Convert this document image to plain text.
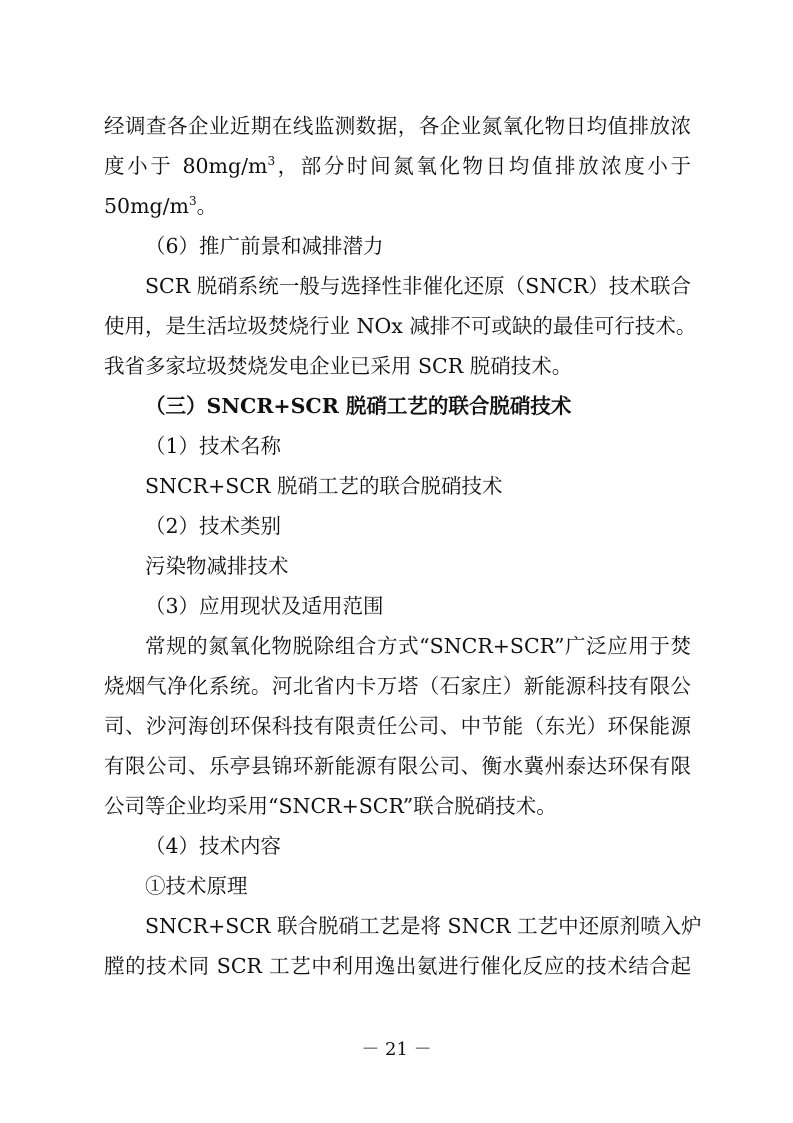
经调查各企业近期在线监测数据，各企业氮氧化物日均值排放浓
度小于 $80mg/m^3$，部分时间氮氧化物日均值排放浓度小于
$50mg/m^3$。
（6）推广前景和减排潜力
SCR 脱硝系统一般与选择性非催化还原（SNCR）技术联合
使用，是生活垃圾焚烧行业 NOx 减排不可或缺的最佳可行技术。
我省多家垃圾焚烧发电企业已采用 SCR 脱硝技术。
（三）SNCR+SCR 脱硝工艺的联合脱硝技术
（1）技术名称
SNCR+SCR 脱硝工艺的联合脱硝技术
（2）技术类别
污染物减排技术
（3）应用现状及适用范围
常规的氮氧化物脱除组合方式“SNCR+SCR”广泛应用于焚
烧烟气净化系统。河北省内卡万塔（石家庄）新能源科技有限公
司、沙河海创环保科技有限责任公司、中节能（东光）环保能源
有限公司、乐亭县锦环新能源有限公司、衡水冀州泰达环保有限
公司等企业均采用“SNCR+SCR”联合脱硝技术。
（4）技术内容
①技术原理
SNCR+SCR 联合脱硝工艺是将 SNCR 工艺中还原剂喷入炉
膛的技术同 SCR 工艺中利用逸出氨进行催化反应的技术结合起
－ 21 －
